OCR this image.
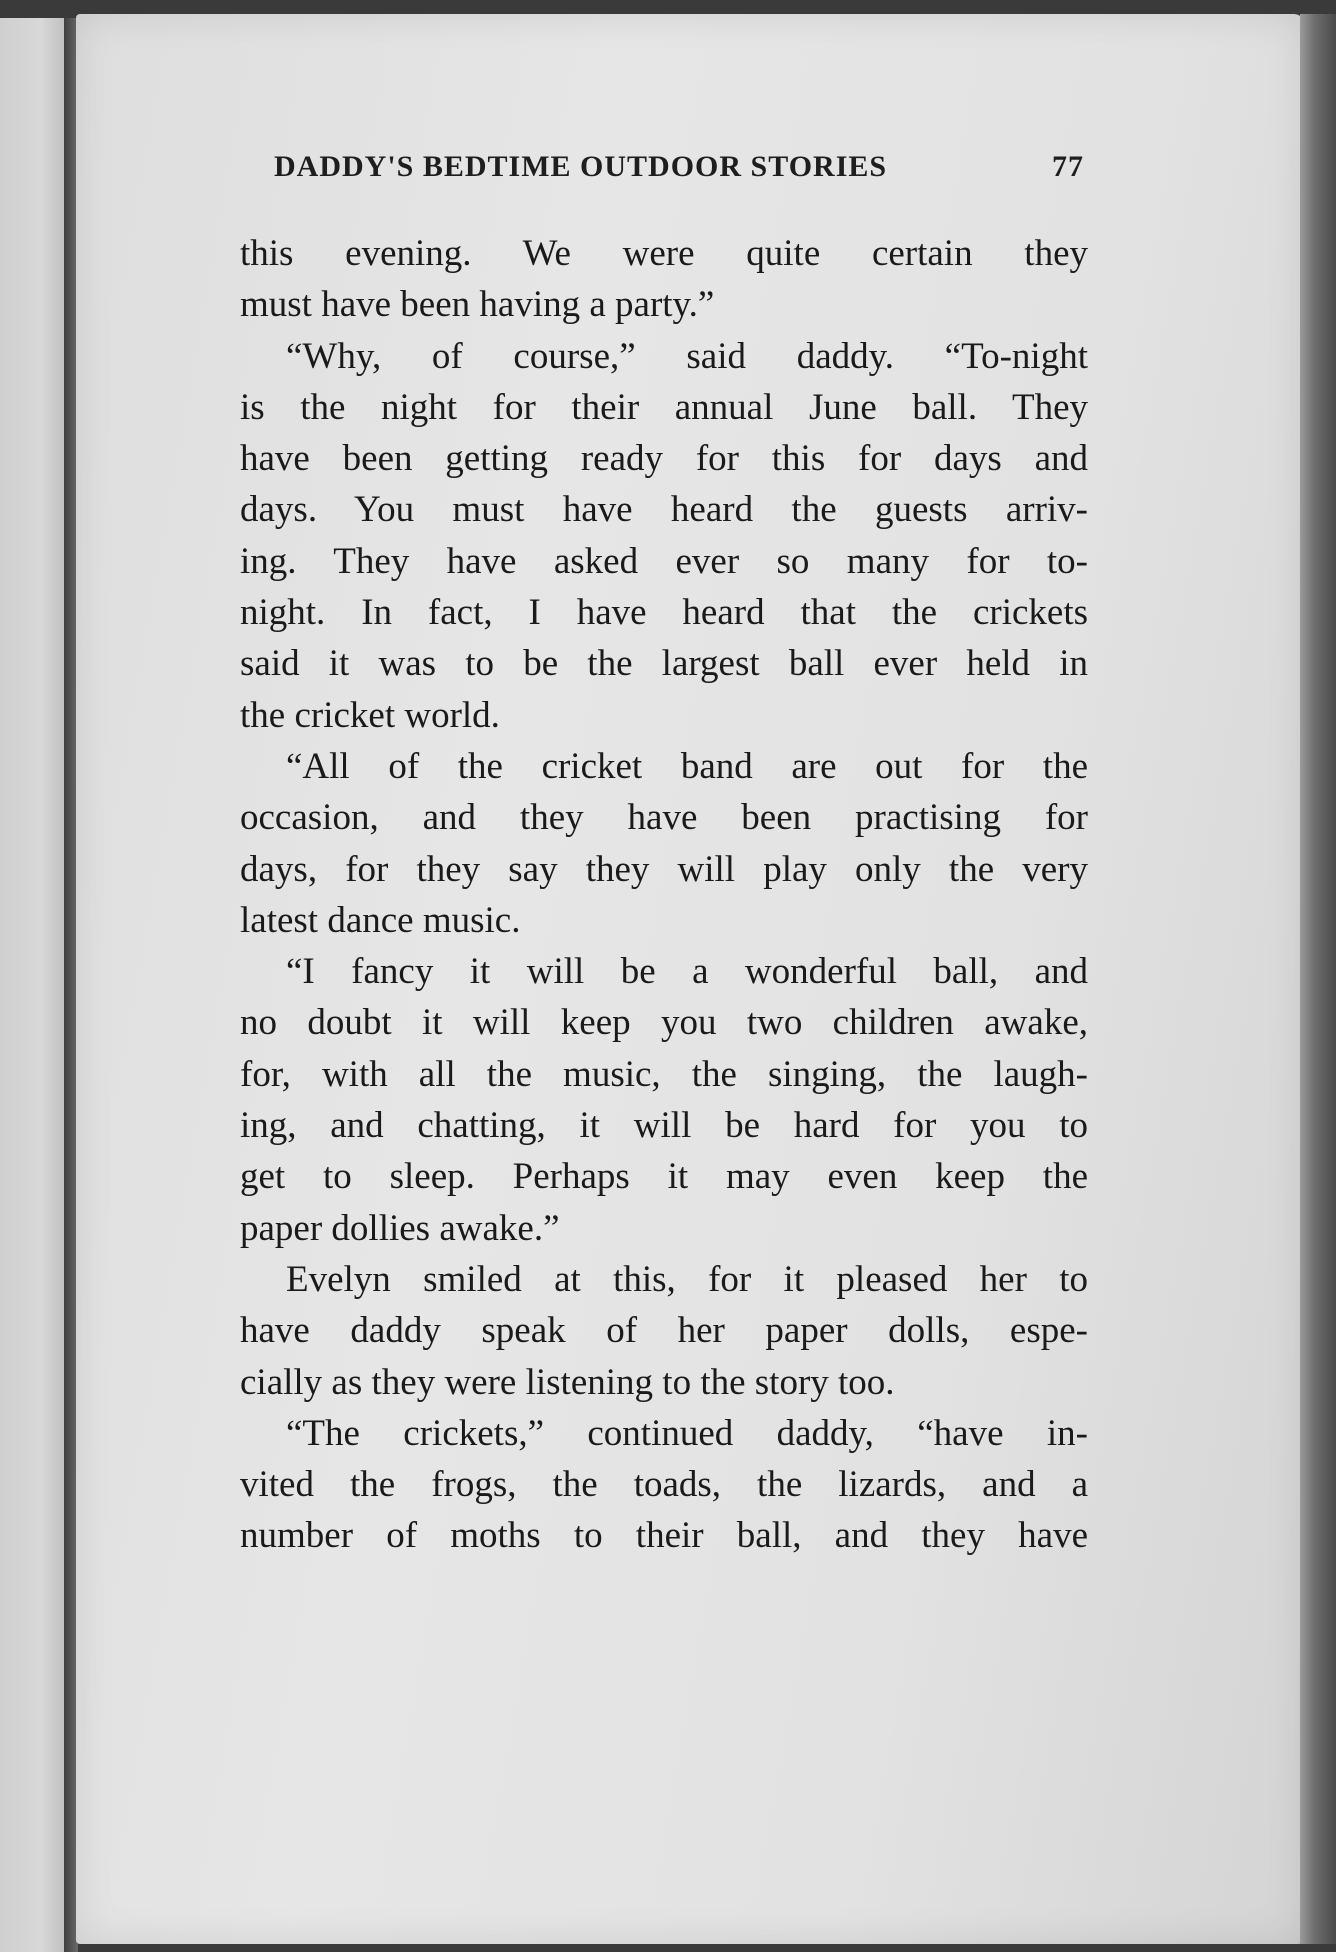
DADDY'S BEDTIME OUTDOOR STORIES	77
this evening. We were quite certain they
must have been having a party.”
“Why, of course,” said daddy. “To-night
is the night for their annual June ball. They
have been getting ready for this for days and
days. You must have heard the guests arriv-
ing. They have asked ever so many for to-
night. In fact, I have heard that the crickets
said it was to be the largest ball ever held in
the cricket world.
“All of the cricket band are out for the
occasion, and they have been practising for
days, for they say they will play only the very
latest dance music.
“I fancy it will be a wonderful ball, and
no doubt it will keep you two children awake,
for, with all the music, the singing, the laugh-
ing, and chatting, it will be hard for you to
get to sleep. Perhaps it may even keep the
paper dollies awake.”
Evelyn smiled at this, for it pleased her to
have daddy speak of her paper dolls, espe-
cially as they were listening to the story too.
“The crickets,” continued daddy, “have in-
vited the frogs, the toads, the lizards, and a
number of moths to their ball, and they have
